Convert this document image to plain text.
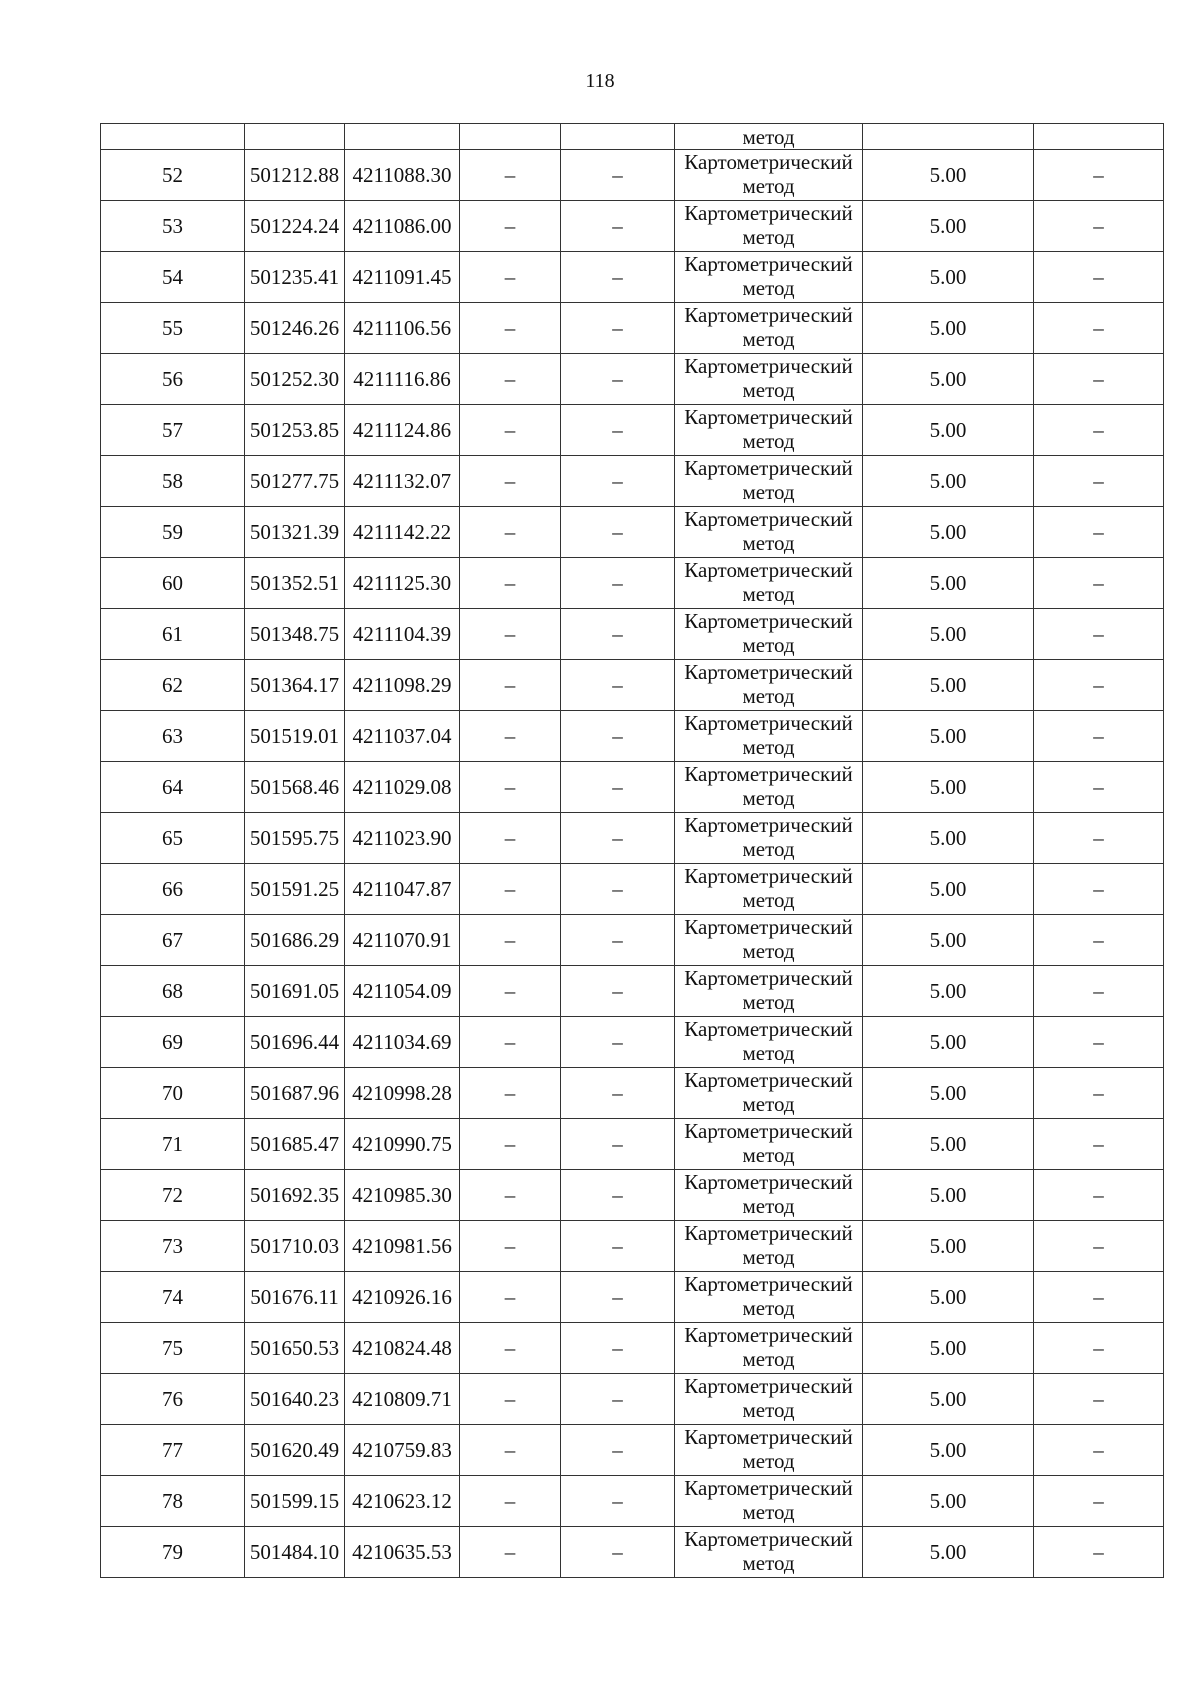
118
					метод		
52	501212.88	4211088.30	–	–	Картометрический
метод	5.00	–
53	501224.24	4211086.00	–	–	Картометрический
метод	5.00	–
54	501235.41	4211091.45	–	–	Картометрический
метод	5.00	–
55	501246.26	4211106.56	–	–	Картометрический
метод	5.00	–
56	501252.30	4211116.86	–	–	Картометрический
метод	5.00	–
57	501253.85	4211124.86	–	–	Картометрический
метод	5.00	–
58	501277.75	4211132.07	–	–	Картометрический
метод	5.00	–
59	501321.39	4211142.22	–	–	Картометрический
метод	5.00	–
60	501352.51	4211125.30	–	–	Картометрический
метод	5.00	–
61	501348.75	4211104.39	–	–	Картометрический
метод	5.00	–
62	501364.17	4211098.29	–	–	Картометрический
метод	5.00	–
63	501519.01	4211037.04	–	–	Картометрический
метод	5.00	–
64	501568.46	4211029.08	–	–	Картометрический
метод	5.00	–
65	501595.75	4211023.90	–	–	Картометрический
метод	5.00	–
66	501591.25	4211047.87	–	–	Картометрический
метод	5.00	–
67	501686.29	4211070.91	–	–	Картометрический
метод	5.00	–
68	501691.05	4211054.09	–	–	Картометрический
метод	5.00	–
69	501696.44	4211034.69	–	–	Картометрический
метод	5.00	–
70	501687.96	4210998.28	–	–	Картометрический
метод	5.00	–
71	501685.47	4210990.75	–	–	Картометрический
метод	5.00	–
72	501692.35	4210985.30	–	–	Картометрический
метод	5.00	–
73	501710.03	4210981.56	–	–	Картометрический
метод	5.00	–
74	501676.11	4210926.16	–	–	Картометрический
метод	5.00	–
75	501650.53	4210824.48	–	–	Картометрический
метод	5.00	–
76	501640.23	4210809.71	–	–	Картометрический
метод	5.00	–
77	501620.49	4210759.83	–	–	Картометрический
метод	5.00	–
78	501599.15	4210623.12	–	–	Картометрический
метод	5.00	–
79	501484.10	4210635.53	–	–	Картометрический
метод	5.00	–
